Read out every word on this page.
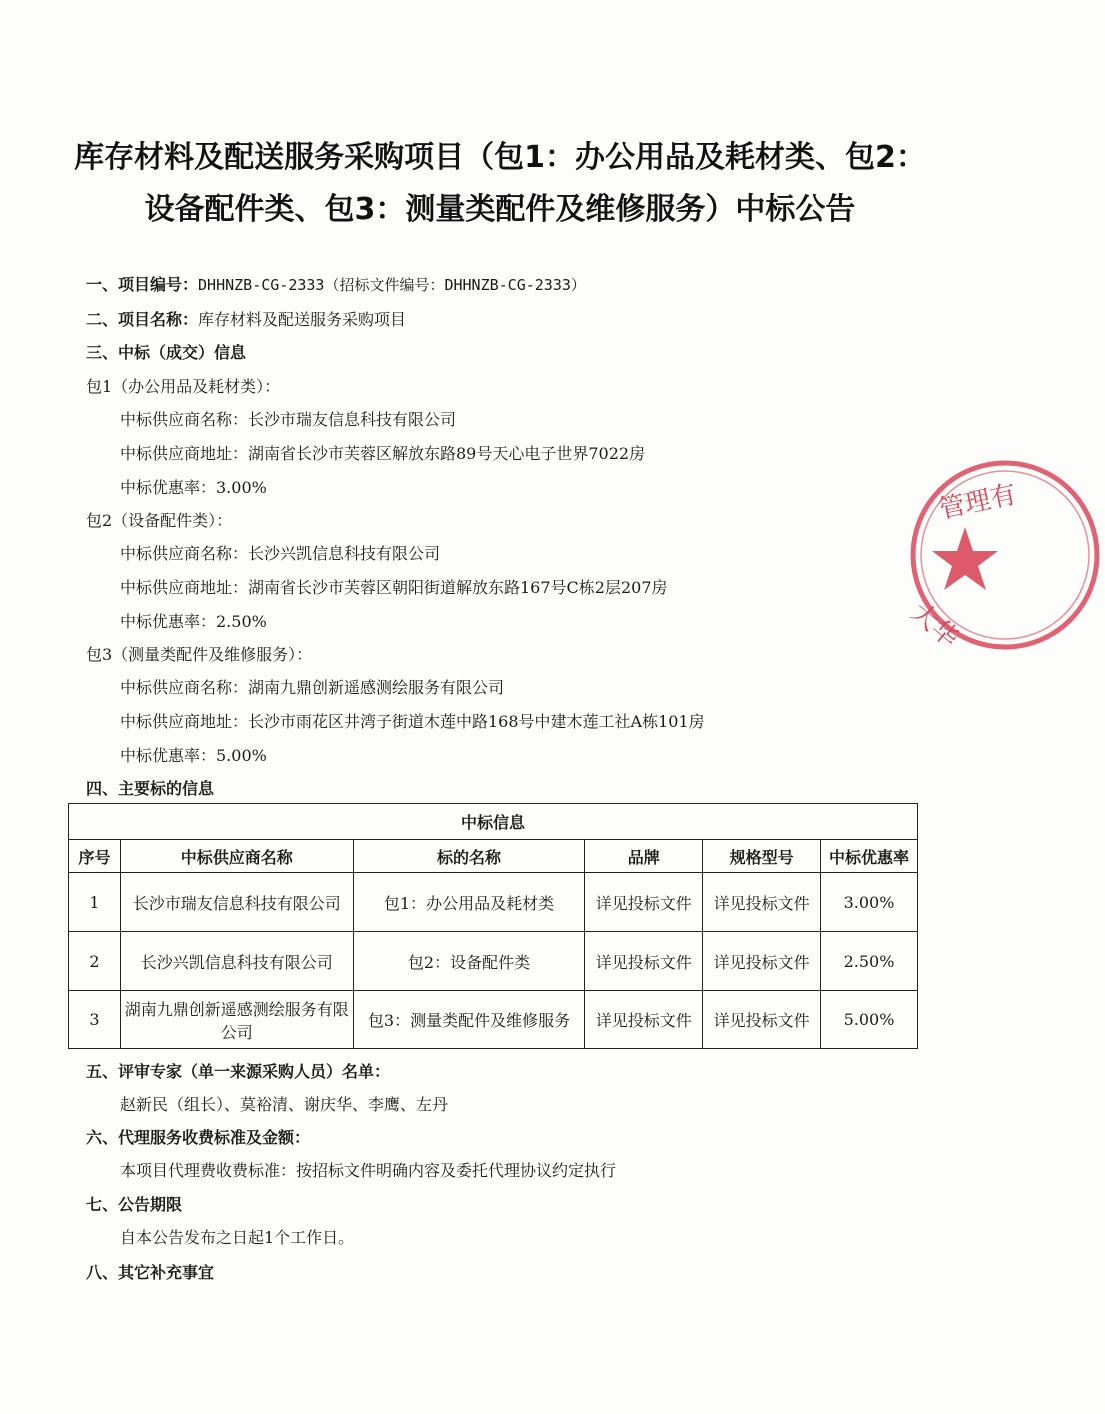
库存材料及配送服务采购项目（包1：办公用品及耗材类、包2：设备配件类、包3：测量类配件及维修服务）中标公告
一、项目编号：DHHNZB-CG-2333（招标文件编号：DHHNZB-CG-2333）
二、项目名称：库存材料及配送服务采购项目
三、中标（成交）信息
包1（办公用品及耗材类）：
中标供应商名称：长沙市瑞友信息科技有限公司
中标供应商地址：湖南省长沙市芙蓉区解放东路89号天心电子世界7022房
中标优惠率：3.00%
包2（设备配件类）：
中标供应商名称：长沙兴凯信息科技有限公司
中标供应商地址：湖南省长沙市芙蓉区朝阳街道解放东路167号C栋2层207房
中标优惠率：2.50%
包3（测量类配件及维修服务）：
中标供应商名称：湖南九鼎创新遥感测绘服务有限公司
中标供应商地址：长沙市雨花区井湾子街道木莲中路168号中建木莲工社A栋101房
中标优惠率：5.00%
四、主要标的信息
中标信息					
序号	中标供应商名称	标的名称	品牌	规格型号	中标优惠率
1	长沙市瑞友信息科技有限公司	包1：办公用品及耗材类	详见投标文件	详见投标文件	3.00%
2	长沙兴凯信息科技有限公司	包2：设备配件类	详见投标文件	详见投标文件	2.50%
3	湖南九鼎创新遥感测绘服务有限公司	包3：测量类配件及维修服务	详见投标文件	详见投标文件	5.00%
五、评审专家（单一来源采购人员）名单：
赵新民（组长）、莫裕清、谢庆华、李鹰、左丹
六、代理服务收费标准及金额：
本项目代理费收费标准：按招标文件明确内容及委托代理协议约定执行
七、公告期限
自本公告发布之日起1个工作日。
八、其它补充事宜
管理有
大华
